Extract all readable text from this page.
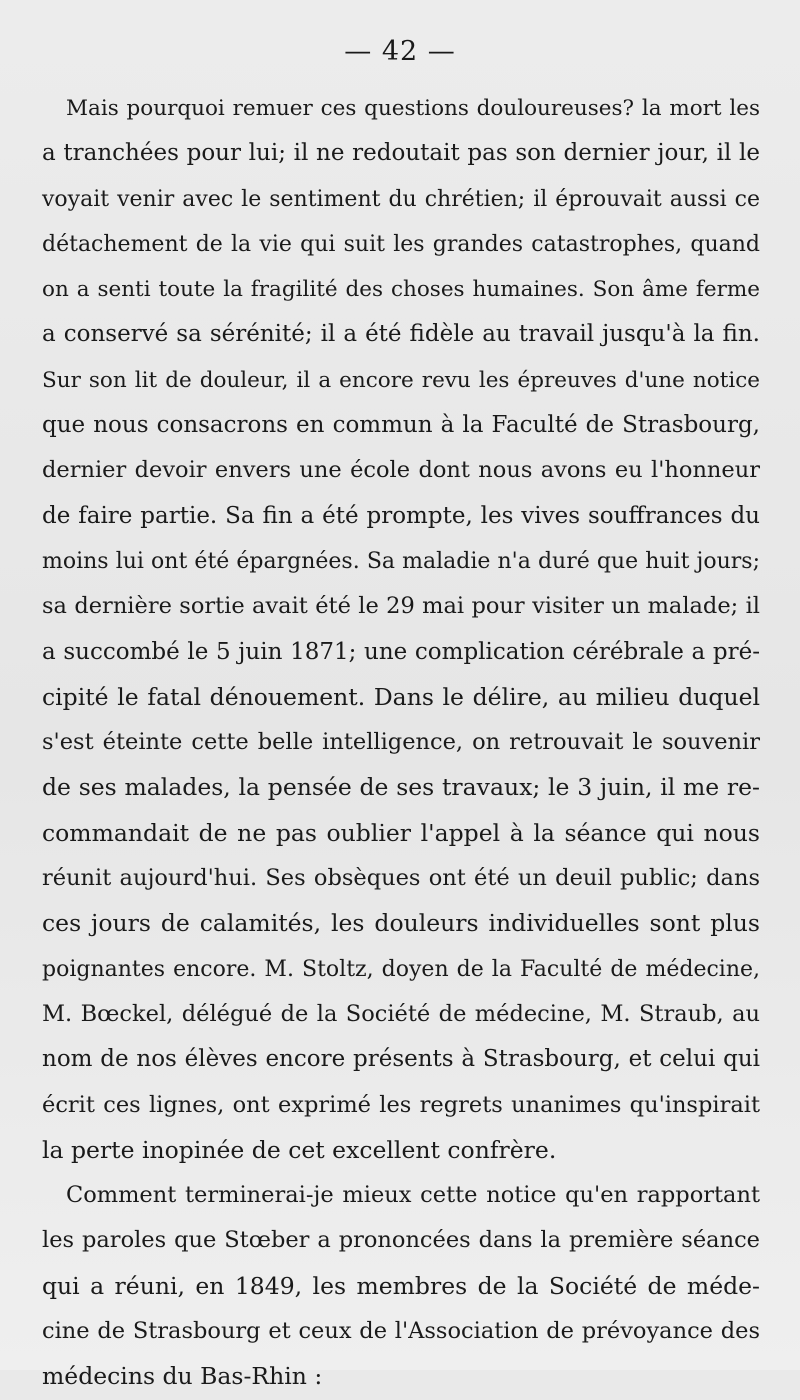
— 42 —
Mais pourquoi remuer ces questions douloureuses? la mort les
a tranchées pour lui; il ne redoutait pas son dernier jour, il le
voyait venir avec le sentiment du chrétien; il éprouvait aussi ce
détachement de la vie qui suit les grandes catastrophes, quand
on a senti toute la fragilité des choses humaines. Son âme ferme
a conservé sa sérénité; il a été fidèle au travail jusqu'à la fin.
Sur son lit de douleur, il a encore revu les épreuves d'une notice
que nous consacrons en commun à la Faculté de Strasbourg,
dernier devoir envers une école dont nous avons eu l'honneur
de faire partie. Sa fin a été prompte, les vives souffrances du
moins lui ont été épargnées. Sa maladie n'a duré que huit jours;
sa dernière sortie avait été le 29 mai pour visiter un malade; il
a succombé le 5 juin 1871; une complication cérébrale a pré-
cipité le fatal dénouement. Dans le délire, au milieu duquel
s'est éteinte cette belle intelligence, on retrouvait le souvenir
de ses malades, la pensée de ses travaux; le 3 juin, il me re-
commandait de ne pas oublier l'appel à la séance qui nous
réunit aujourd'hui. Ses obsèques ont été un deuil public; dans
ces jours de calamités, les douleurs individuelles sont plus
poignantes encore. M. Stoltz, doyen de la Faculté de médecine,
M. Bœckel, délégué de la Société de médecine, M. Straub, au
nom de nos élèves encore présents à Strasbourg, et celui qui
écrit ces lignes, ont exprimé les regrets unanimes qu'inspirait
la perte inopinée de cet excellent confrère.
Comment terminerai-je mieux cette notice qu'en rapportant
les paroles que Stœber a prononcées dans la première séance
qui a réuni, en 1849, les membres de la Société de méde-
cine de Strasbourg et ceux de l'Association de prévoyance des
médecins du Bas-Rhin :
